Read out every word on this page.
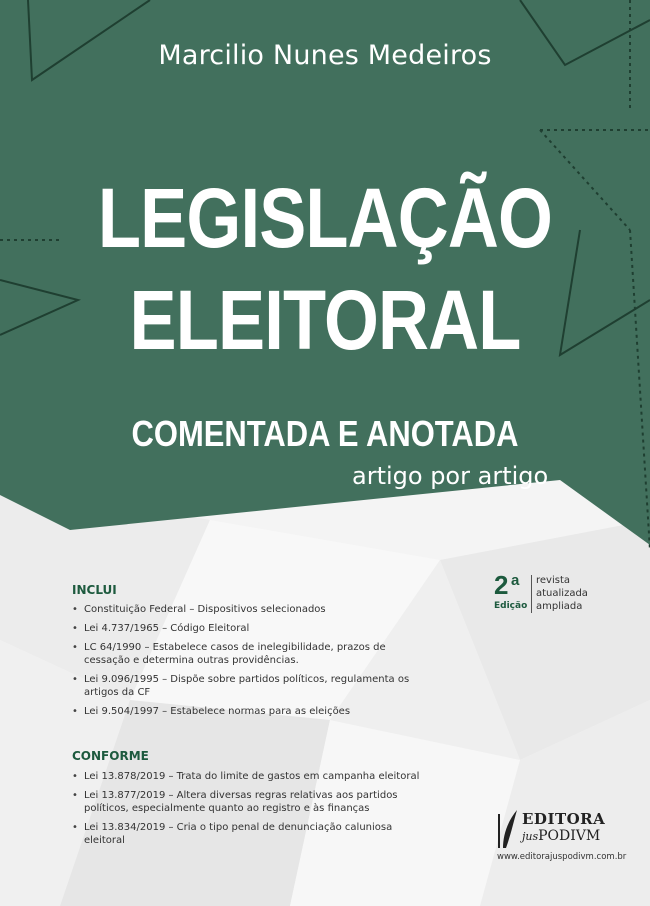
Marcilio Nunes Medeiros
LEGISLAÇÃO
ELEITORAL
COMENTADA E ANOTADA
artigo por artigo
INCLUI
• Constituição Federal – Dispositivos selecionados
• Lei 4.737/1965 – Código Eleitoral
• LC 64/1990 – Estabelece casos de inelegibilidade, prazos de cessação e determina outras providências.
• Lei 9.096/1995 – Dispõe sobre partidos políticos, regulamenta os artigos da CF
• Lei 9.504/1997 – Estabelece normas para as eleições
CONFORME
• Lei 13.878/2019 – Trata do limite de gastos em campanha eleitoral
• Lei 13.877/2019 – Altera diversas regras relativas aos partidos políticos, especialmente quanto ao registro e às finanças
• Lei 13.834/2019 – Cria o tipo penal de denunciação caluniosa eleitoral
2 a
Edição
revista
atualizada
ampliada
EDITORA
jusPODIVM
www.editorajuspodivm.com.br
